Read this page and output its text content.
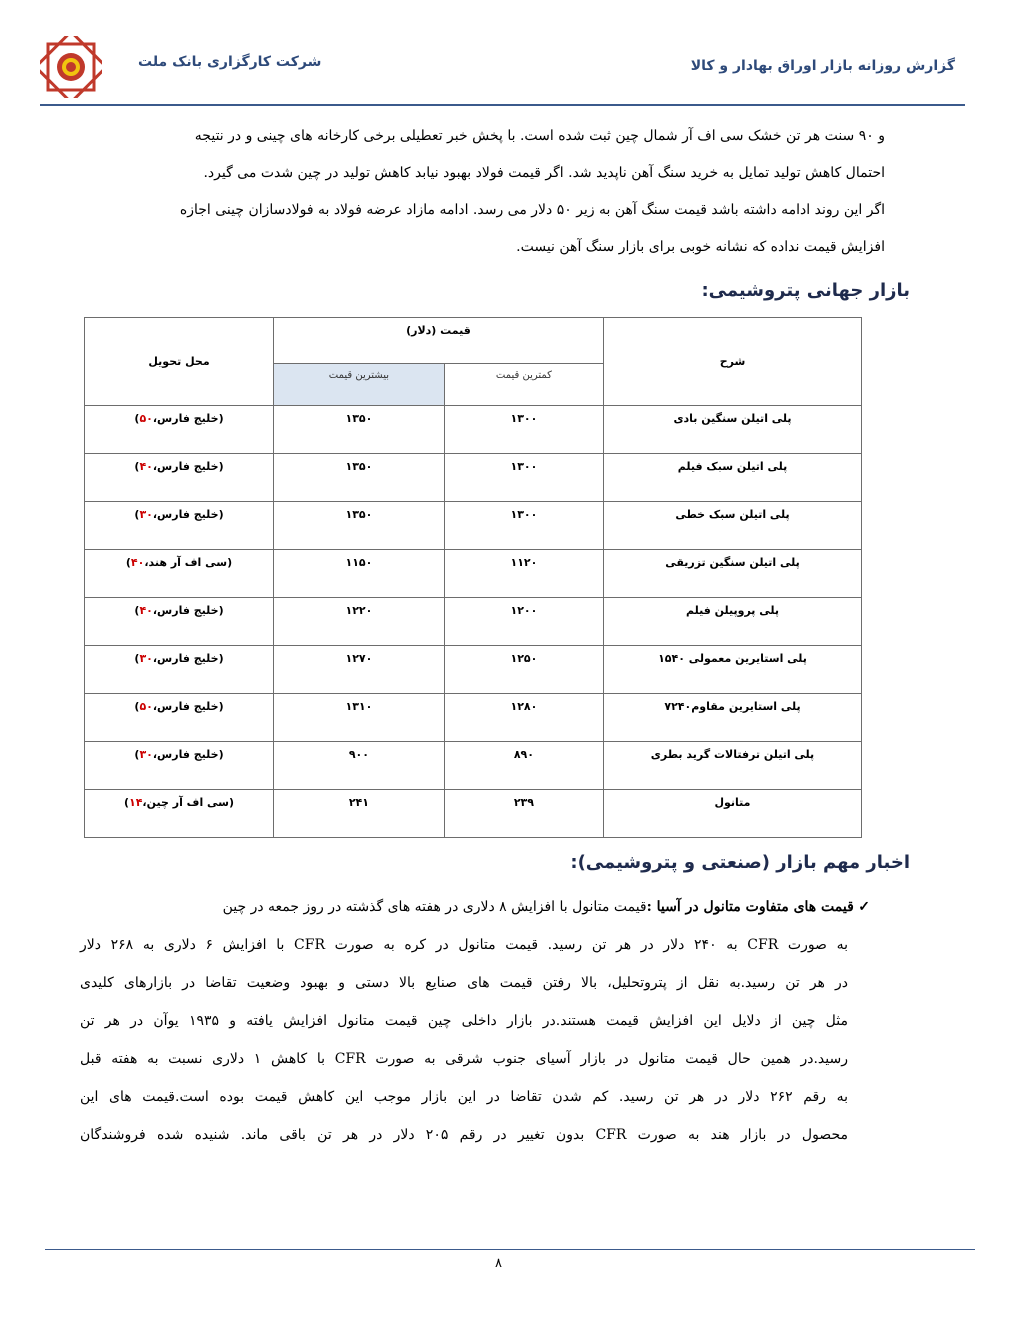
شرکت کارگزاری بانک ملت	گزارش روزانه بازار اوراق بهادار و کالا

و ۹۰ سنت هر تن خشک سی اف آر شمال چین ثبت شده است. با پخش خبر تعطیلی برخی کارخانه های چینی و در نتیجه

احتمال کاهش تولید تمایل به خرید سنگ آهن ناپدید شد. اگر قیمت فولاد بهبود نیابد کاهش تولید در چین شدت می گیرد.

اگر این روند ادامه داشته باشد قیمت سنگ آهن به زیر ۵۰ دلار می رسد. ادامه مازاد عرضه فولاد به فولادسازان چینی اجازه

افزایش قیمت نداده که نشانه خوبی برای بازار سنگ آهن نیست.

بازار جهانی پتروشیمی:
شرح	قیمت (دلار)		محل تحویل
	کمترین قیمت	بیشترین قیمت	
پلی اتیلن سنگین بادی	۱۳۰۰	۱۳۵۰	(خلیج فارس،۵۰)
پلی اتیلن سبک فیلم	۱۳۰۰	۱۳۵۰	(خلیج فارس،۴۰)
پلی اتیلن سبک خطی	۱۳۰۰	۱۳۵۰	(خلیج فارس،۳۰)
پلی اتیلن سنگین تزریقی	۱۱۲۰	۱۱۵۰	(سی اف آر هند،۴۰)
پلی پروپیلن فیلم	۱۲۰۰	۱۲۲۰	(خلیج فارس،۴۰)
پلی استایرین معمولی ۱۵۴۰	۱۲۵۰	۱۲۷۰	(خلیج فارس،۳۰)
پلی استایرین مقاوم۷۲۴۰	۱۲۸۰	۱۳۱۰	(خلیج فارس،۵۰)
پلی اتیلن ترفتالات گرید بطری	۸۹۰	۹۰۰	(خلیج فارس،۳۰)
متانول	۲۳۹	۲۴۱	(سی اف آر چین،۱۴)
اخبار مهم بازار (صنعتی و پتروشیمی):
✓ قیمت های متفاوت متانول در آسیا :قیمت متانول با افزایش ۸ دلاری در هفته های گذشته در روز جمعه در چین
به صورت CFR به ۲۴۰ دلار در هر تن رسید. قیمت متانول در کره به صورت CFR با افزایش ۶ دلاری به ۲۶۸ دلار
در هر تن رسید.به نقل از پتروتحلیل، بالا رفتن قیمت های صنایع بالا دستی و بهبود وضعیت تقاضا در بازارهای کلیدی
مثل چین از دلایل این افزایش قیمت هستند.در بازار داخلی چین قیمت متانول افزایش یافته و ۱۹۳۵ یوآن در هر تن
رسید.در همین حال قیمت متانول در بازار آسیای جنوب شرقی به صورت CFR با کاهش ۱ دلاری نسبت به هفته قبل
به رقم ۲۶۲ دلار در هر تن رسید. کم شدن تقاضا در این بازار موجب این کاهش قیمت بوده است.قیمت های این
محصول در بازار هند به صورت CFR بدون تغییر در رقم ۲۰۵ دلار در هر تن باقی ماند. شنیده شده فروشندگان
۸
